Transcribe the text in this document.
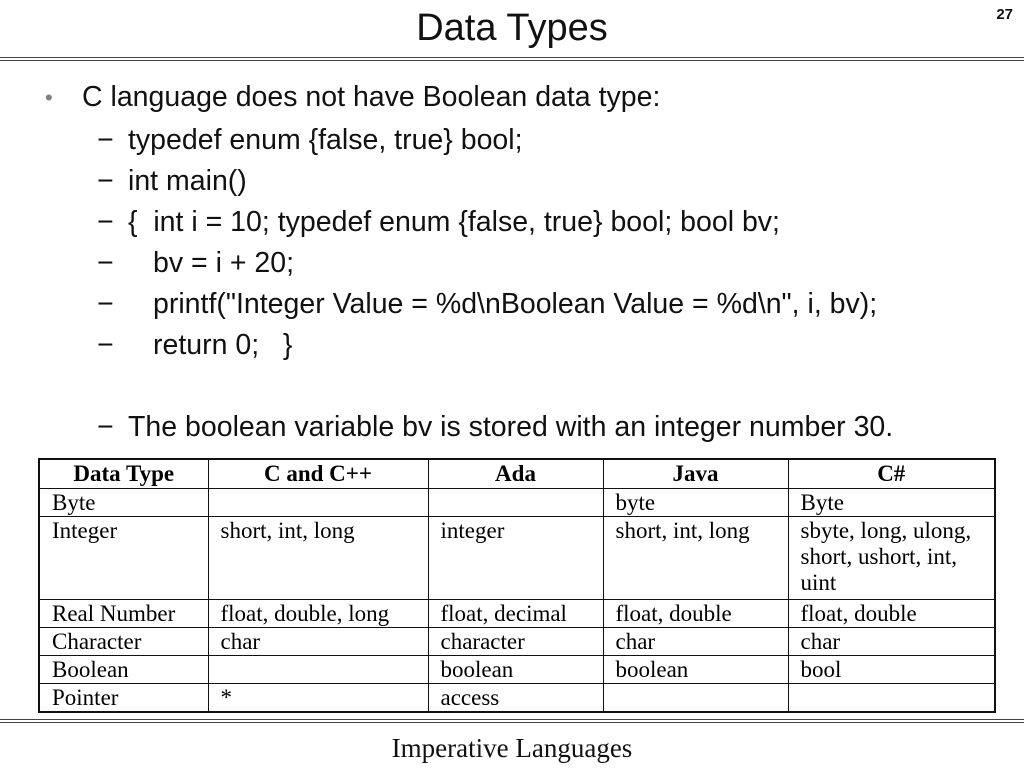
27
Data Types
• C language does not have Boolean data type:
− typedef enum {false, true} bool;
− int main()
− {  int i = 10; typedef enum {false, true} bool; bool bv;
− bv = i + 20;
− printf("Integer Value = %d\nBoolean Value = %d\n", i, bv);
− return 0;   }
− The boolean variable bv is stored with an integer number 30.
Data Type	C and C++	Ada	Java	C#
Byte			byte	Byte
Integer	short, int, long	integer	short, int, long	sbyte, long, ulong, short, ushort, int, uint
Real Number	float, double, long	float, decimal	float, double	float, double
Character	char	character	char	char
Boolean		boolean	boolean	bool
Pointer	*	access		
Imperative Languages
